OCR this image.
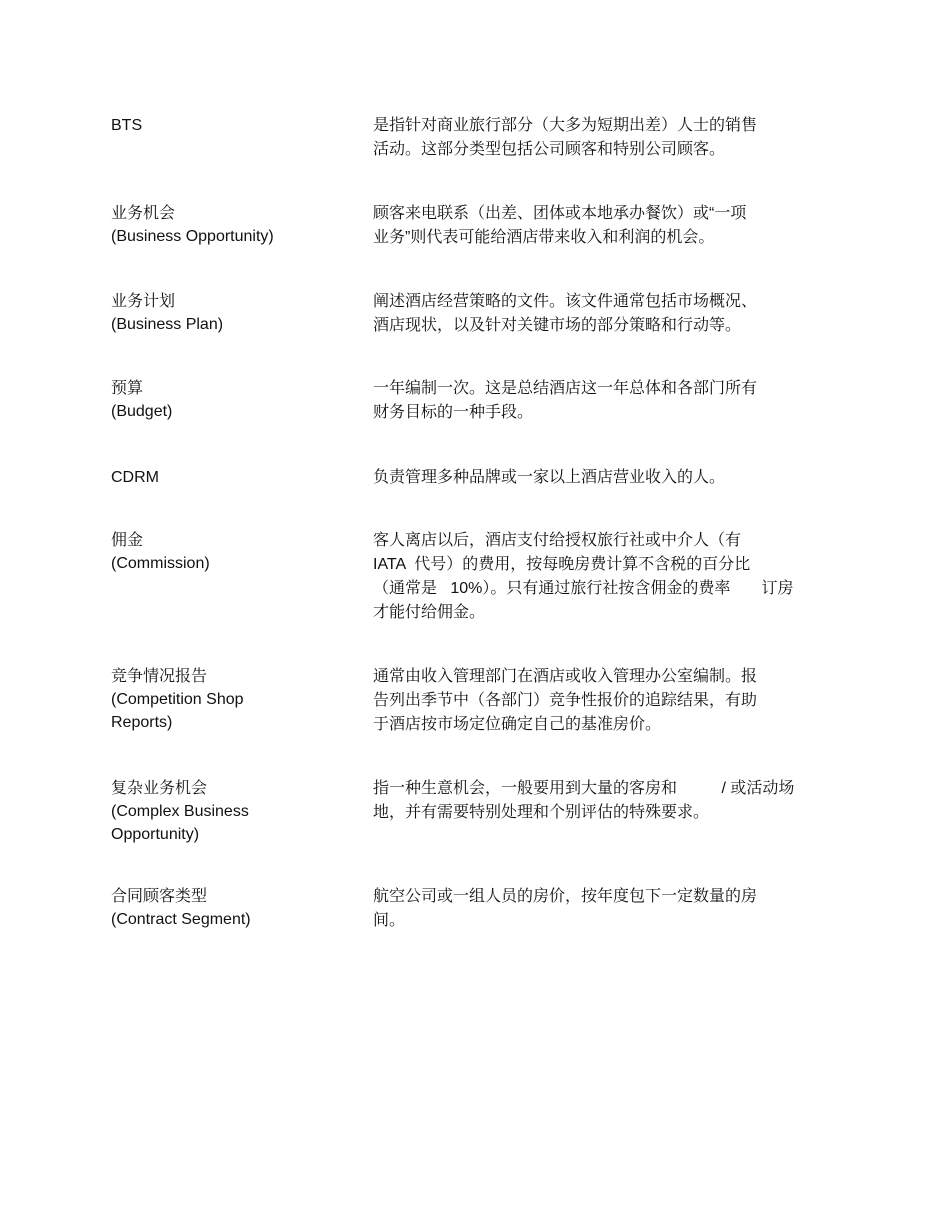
BTS	是指针对商业旅行部分（大多为短期出差）人士的销售
活动。这部分类型包括公司顾客和特别公司顾客。
业务机会
(Business Opportunity)
顾客来电联系（出差、团体或本地承办餐饮）或“一项
业务”则代表可能给酒店带来收入和利润的机会。
业务计划
(Business Plan)
阐述酒店经营策略的文件。该文件通常包括市场概况、
酒店现状，以及针对关键市场的部分策略和行动等。
预算
(Budget)
一年编制一次。这是总结酒店这一年总体和各部门所有
财务目标的一种手段。
CDRM	负责管理多种品牌或一家以上酒店营业收入的人。
佣金
(Commission)
客人离店以后，酒店支付给授权旅行社或中介人（有
IATA  代号）的费用，按每晚房费计算不含税的百分比
（通常是   10%）。只有通过旅行社按含佣金的费率       订房
才能付给佣金。
竞争情况报告
(Competition Shop
Reports)
通常由收入管理部门在酒店或收入管理办公室编制。报
告列出季节中（各部门）竞争性报价的追踪结果，有助
于酒店按市场定位确定自己的基准房价。
复杂业务机会
(Complex Business
Opportunity)
指一种生意机会，一般要用到大量的客房和          / 或活动场
地，并有需要特别处理和个别评估的特殊要求。
合同顾客类型
(Contract Segment)
航空公司或一组人员的房价，按年度包下一定数量的房
间。
